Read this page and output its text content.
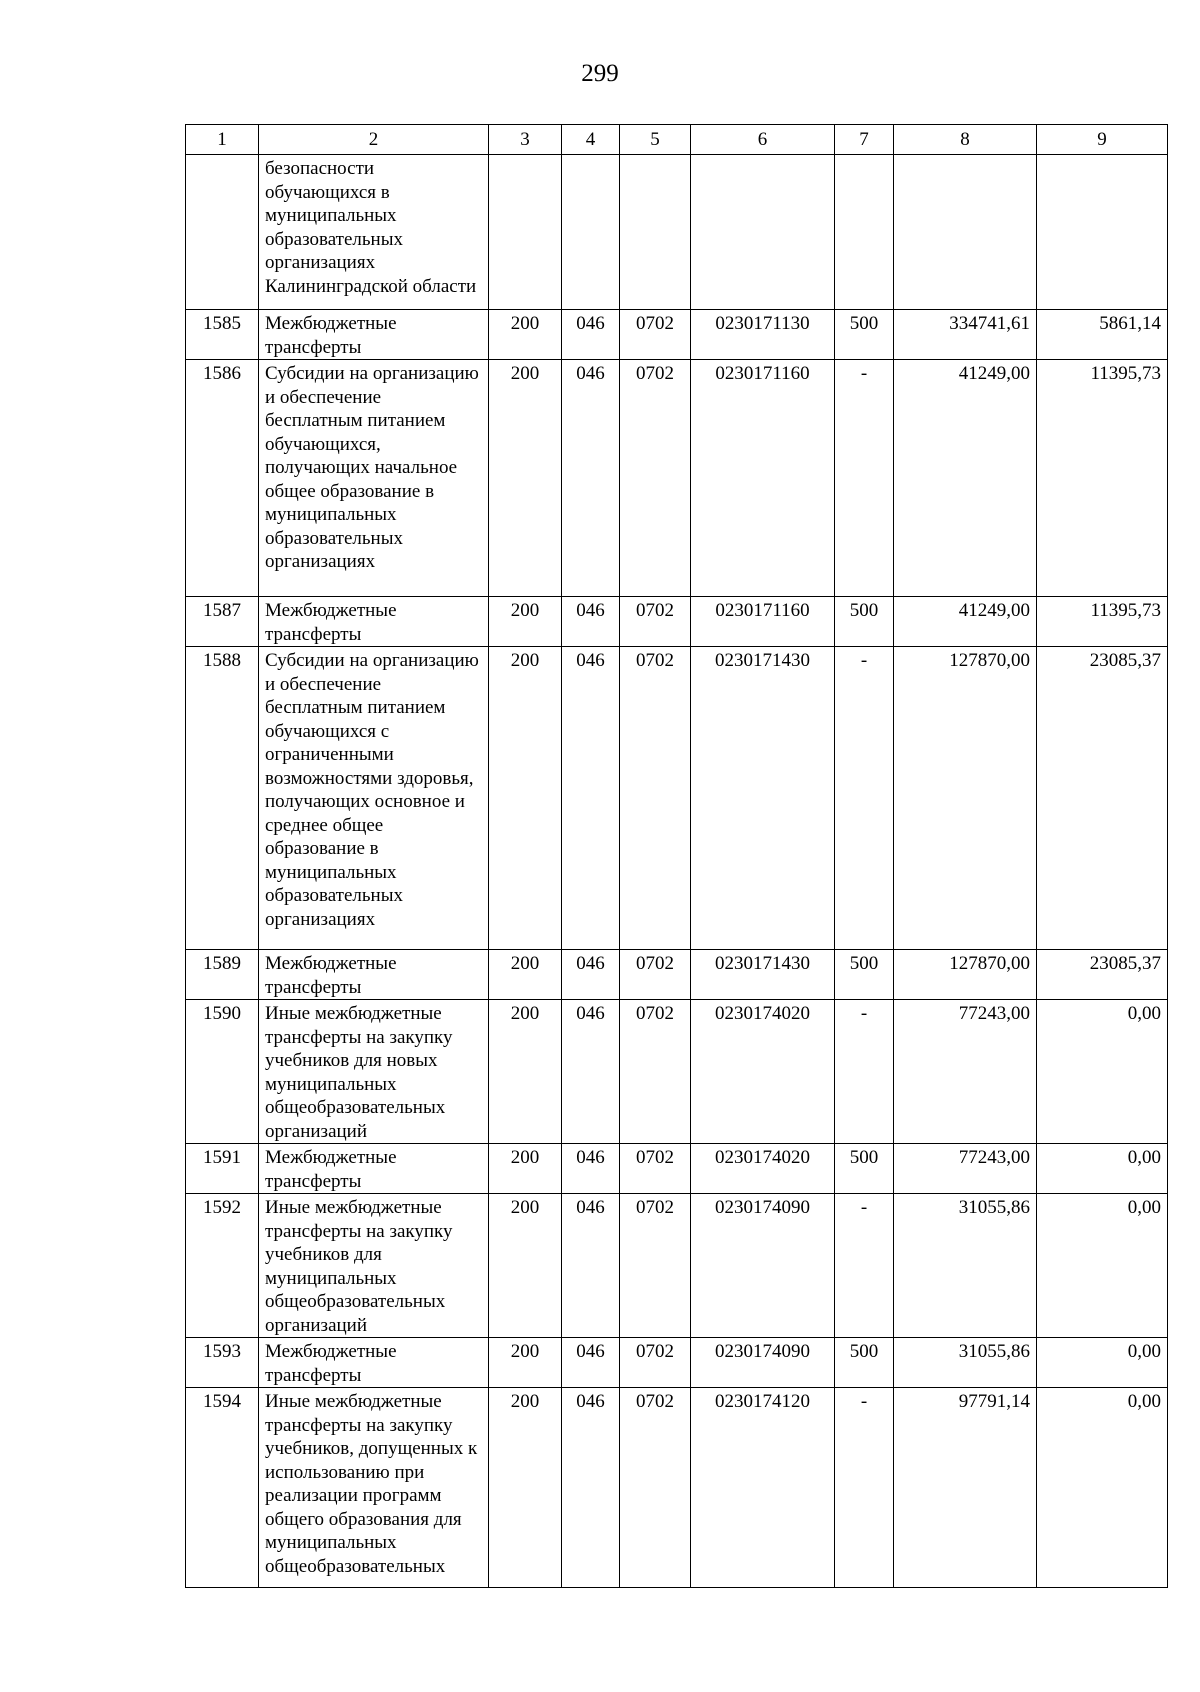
299
1	2	3	4	5	6	7	8	9
	безопасности обучающихся в муниципальных образовательных организациях Калининградской области							
1585	Межбюджетные трансферты	200	046	0702	0230171130	500	334741,61	5861,14
1586	Субсидии на организацию и обеспечение бесплатным питанием обучающихся, получающих начальное общее образование в муниципальных образовательных организациях	200	046	0702	0230171160	-	41249,00	11395,73
1587	Межбюджетные трансферты	200	046	0702	0230171160	500	41249,00	11395,73
1588	Субсидии на организацию и обеспечение бесплатным питанием обучающихся с ограниченными возможностями здоровья, получающих основное и среднее общее образование в муниципальных образовательных организациях	200	046	0702	0230171430	-	127870,00	23085,37
1589	Межбюджетные трансферты	200	046	0702	0230171430	500	127870,00	23085,37
1590	Иные межбюджетные трансферты на закупку учебников для новых муниципальных общеобразовательных организаций	200	046	0702	0230174020	-	77243,00	0,00
1591	Межбюджетные трансферты	200	046	0702	0230174020	500	77243,00	0,00
1592	Иные межбюджетные трансферты на закупку учебников для муниципальных общеобразовательных организаций	200	046	0702	0230174090	-	31055,86	0,00
1593	Межбюджетные трансферты	200	046	0702	0230174090	500	31055,86	0,00
1594	Иные межбюджетные трансферты на закупку учебников, допущенных к использованию при реализации программ общего образования для муниципальных общеобразовательных	200	046	0702	0230174120	-	97791,14	0,00
